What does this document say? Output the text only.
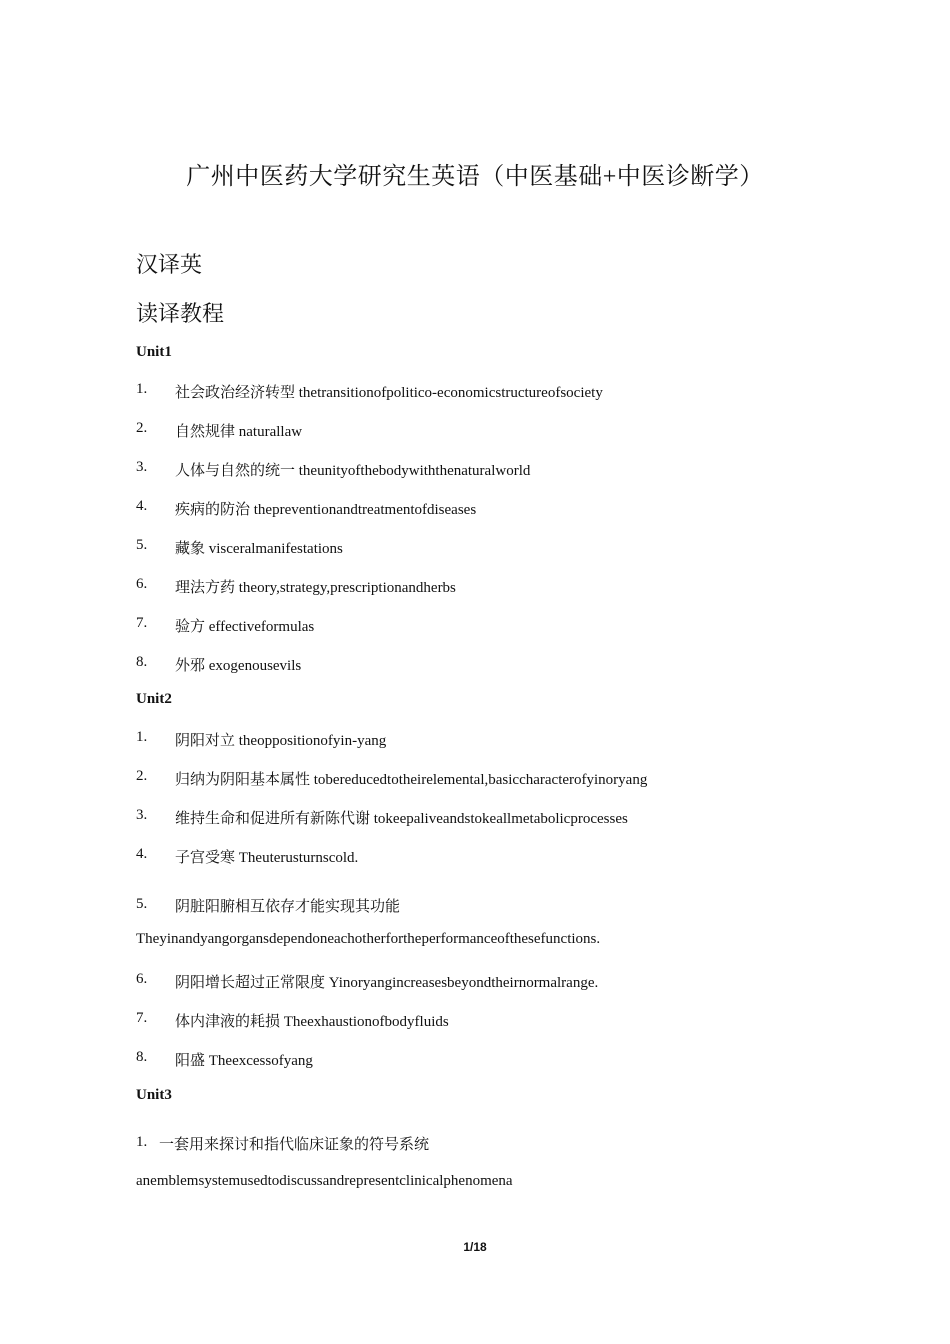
广州中医药大学研究生英语（中医基础+中医诊断学）
汉译英
读译教程
Unit1
1. 社会政治经济转型 thetransitionofpolitico-economicstructureofsociety
2. 自然规律 naturallaw
3. 人体与自然的统一 theunityofthebodywiththenaturalworld
4. 疾病的防治 thepreventionandtreatmentofdiseases
5. 藏象 visceralmanifestations
6. 理法方药 theory,strategy,prescriptionandherbs
7. 验方 effectiveformulas
8. 外邪 exogenousevils
Unit2
1. 阴阳对立 theoppositionofyin-yang
2. 归纳为阴阳基本属性 tobereducedtotheirelemental,basiccharacterofyinoryang
3. 维持生命和促进所有新陈代谢 tokeepaliveandstokeallmetabolicprocesses
4. 子宫受寒 Theuterusturnscold.
5. 阴脏阳腑相互依存才能实现其功能
Theyinandyangorgansdependoneachotherfortheperformanceofthesefunctions.
6. 阴阳增长超过正常限度 Yinoryangincreasesbeyondtheirnormalrange.
7. 体内津液的耗损 Theexhaustionofbodyfluids
8. 阳盛 Theexcessofyang
Unit3
1. 一套用来探讨和指代临床证象的符号系统
anemblemsystemusedtodiscussandrepresentclinicalphenomena
1/18
